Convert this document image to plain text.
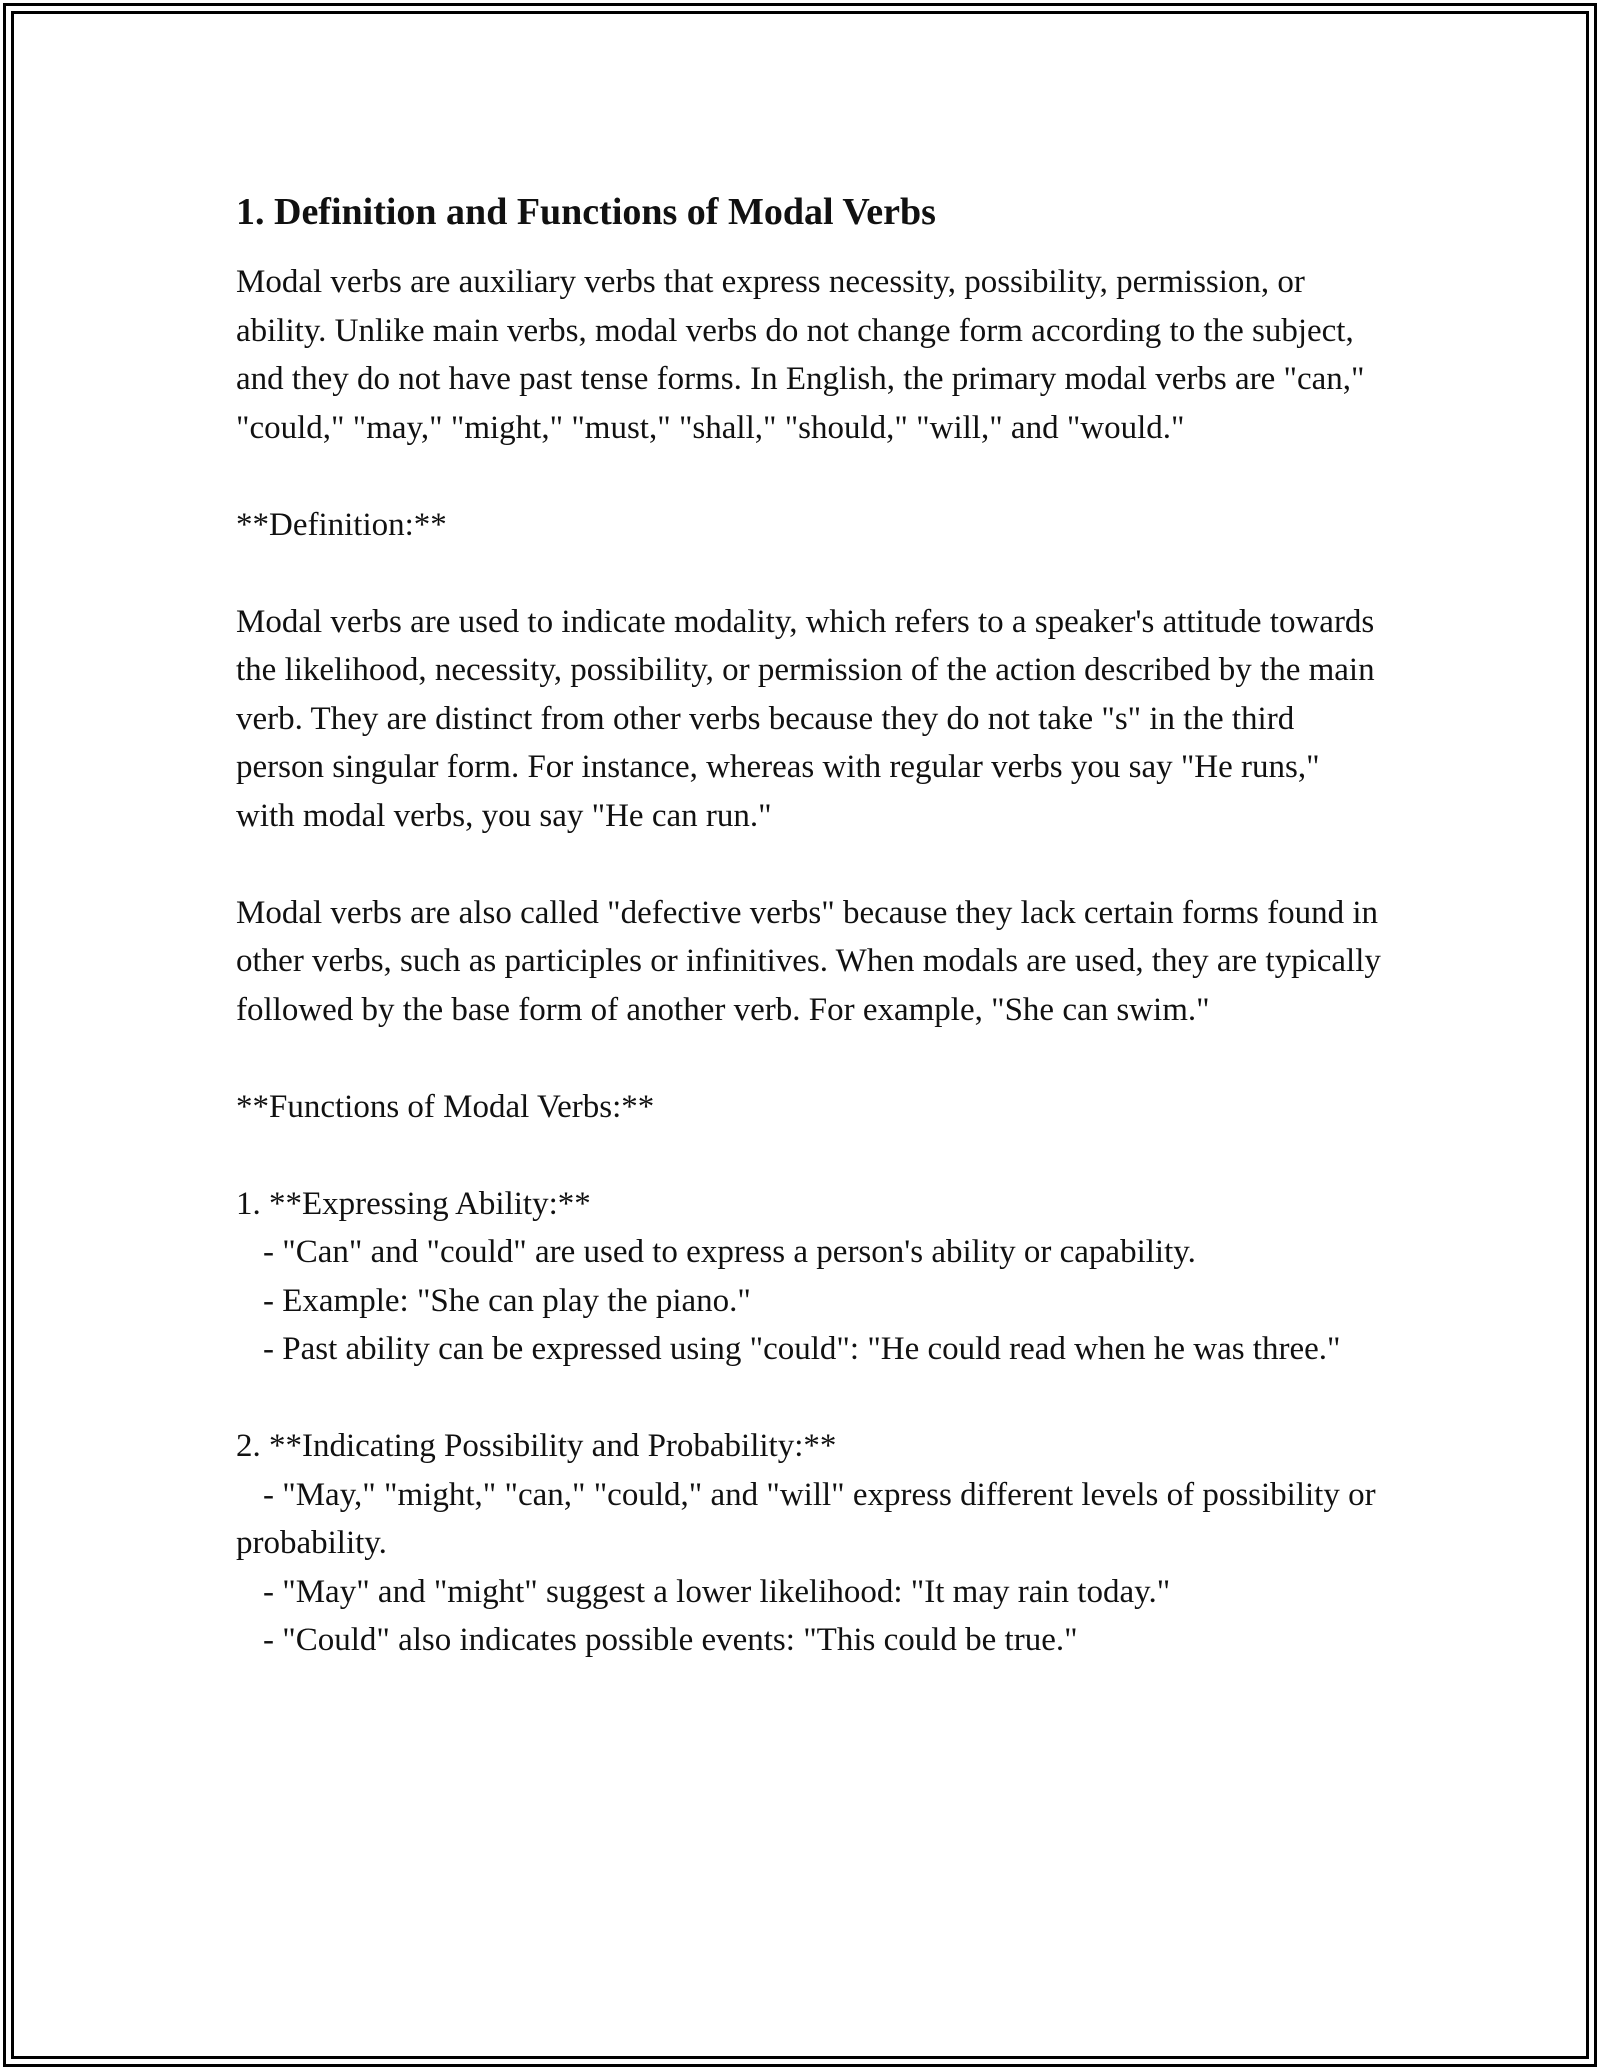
1. Definition and Functions of Modal Verbs

Modal verbs are auxiliary verbs that express necessity, possibility, permission, or ability. Unlike main verbs, modal verbs do not change form according to the subject, and they do not have past tense forms. In English, the primary modal verbs are "can," "could," "may," "might," "must," "shall," "should," "will," and "would."

**Definition:**

Modal verbs are used to indicate modality, which refers to a speaker's attitude towards the likelihood, necessity, possibility, or permission of the action described by the main verb. They are distinct from other verbs because they do not take "s" in the third person singular form. For instance, whereas with regular verbs you say "He runs," with modal verbs, you say "He can run."

Modal verbs are also called "defective verbs" because they lack certain forms found in other verbs, such as participles or infinitives. When modals are used, they are typically followed by the base form of another verb. For example, "She can swim."

**Functions of Modal Verbs:**

1. **Expressing Ability:**

- "Can" and "could" are used to express a person's ability or capability.

- Example: "She can play the piano."

- Past ability can be expressed using "could": "He could read when he was three."

2. **Indicating Possibility and Probability:**

- "May," "might," "can," "could," and "will" express different levels of possibility or probability.

- "May" and "might" suggest a lower likelihood: "It may rain today."

- "Could" also indicates possible events: "This could be true."
